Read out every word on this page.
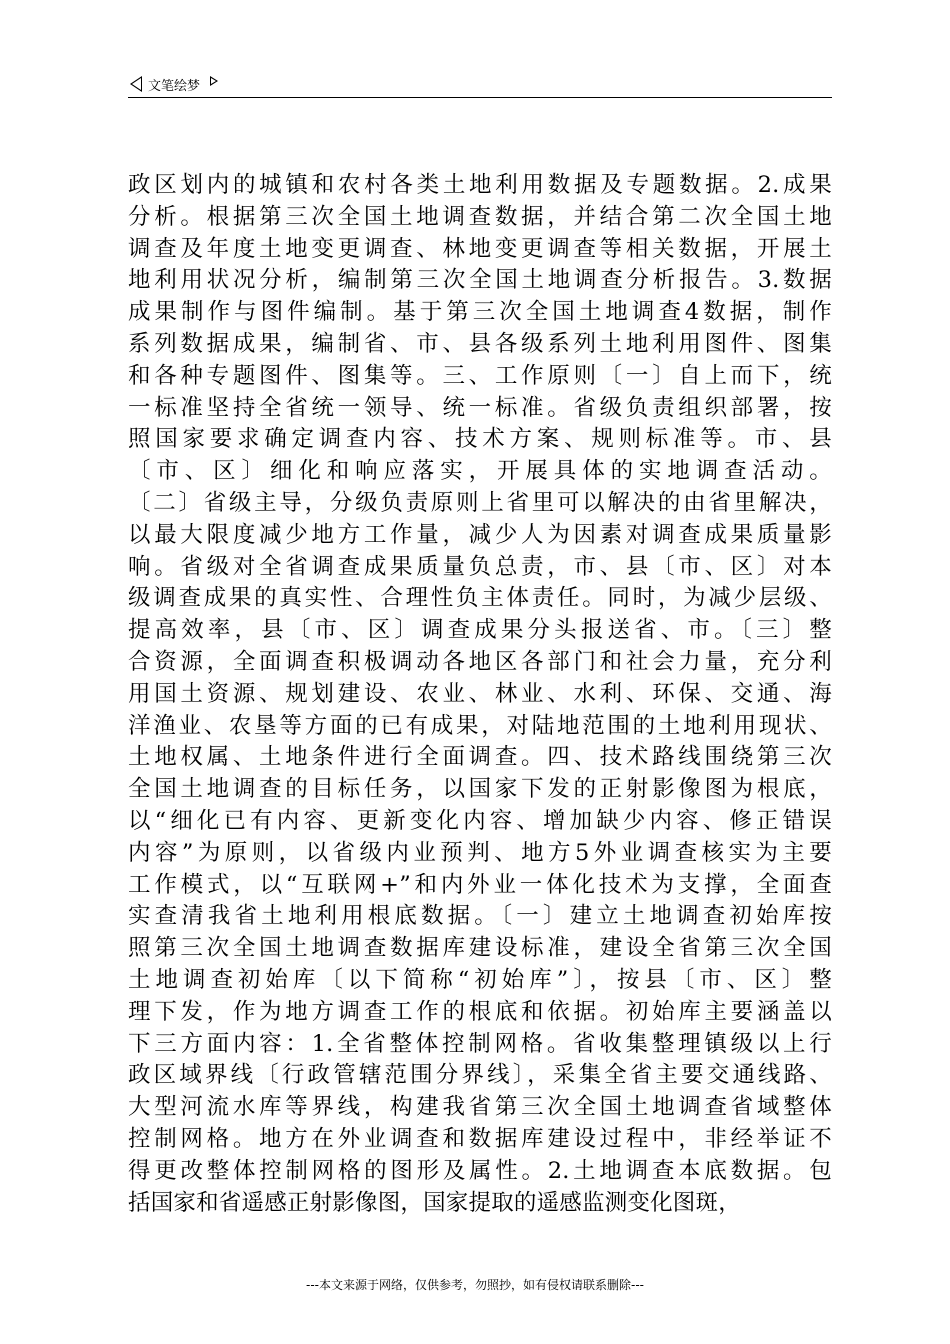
文笔绘梦
政区划内的城镇和农村各类土地利用数据及专题数据。2.成果
分析。根据第三次全国土地调查数据，并结合第二次全国土地
调查及年度土地变更调查、林地变更调查等相关数据，开展土
地利用状况分析，编制第三次全国土地调查分析报告。3.数据
成果制作与图件编制。基于第三次全国土地调查4数据，制作
系列数据成果，编制省、市、县各级系列土地利用图件、图集
和各种专题图件、图集等。三、工作原则〔一〕自上而下，统
一标准坚持全省统一领导、统一标准。省级负责组织部署，按
照国家要求确定调查内容、技术方案、规则标准等。市、县
〔市、区〕细化和响应落实，开展具体的实地调查活动。
〔二〕省级主导，分级负责原则上省里可以解决的由省里解决，
以最大限度减少地方工作量，减少人为因素对调查成果质量影
响。省级对全省调查成果质量负总责，市、县〔市、区〕对本
级调查成果的真实性、合理性负主体责任。同时，为减少层级、
提高效率，县〔市、区〕调查成果分头报送省、市。〔三〕整
合资源，全面调查积极调动各地区各部门和社会力量，充分利
用国土资源、规划建设、农业、林业、水利、环保、交通、海
洋渔业、农垦等方面的已有成果，对陆地范围的土地利用现状、
土地权属、土地条件进行全面调查。四、技术路线围绕第三次
全国土地调查的目标任务，以国家下发的正射影像图为根底，
以“细化已有内容、更新变化内容、增加缺少内容、修正错误
内容”为原则，以省级内业预判、地方5外业调查核实为主要
工作模式，以“互联网+”和内外业一体化技术为支撑，全面查
实查清我省土地利用根底数据。〔一〕建立土地调查初始库按
照第三次全国土地调查数据库建设标准，建设全省第三次全国
土地调查初始库〔以下简称“初始库”〕，按县〔市、区〕整
理下发，作为地方调查工作的根底和依据。初始库主要涵盖以
下三方面内容：1.全省整体控制网格。省收集整理镇级以上行
政区域界线〔行政管辖范围分界线〕，采集全省主要交通线路、
大型河流水库等界线，构建我省第三次全国土地调查省域整体
控制网格。地方在外业调查和数据库建设过程中，非经举证不
得更改整体控制网格的图形及属性。2.土地调查本底数据。包
括国家和省遥感正射影像图，国家提取的遥感监测变化图斑，
---本文来源于网络，仅供参考，勿照抄，如有侵权请联系删除---
